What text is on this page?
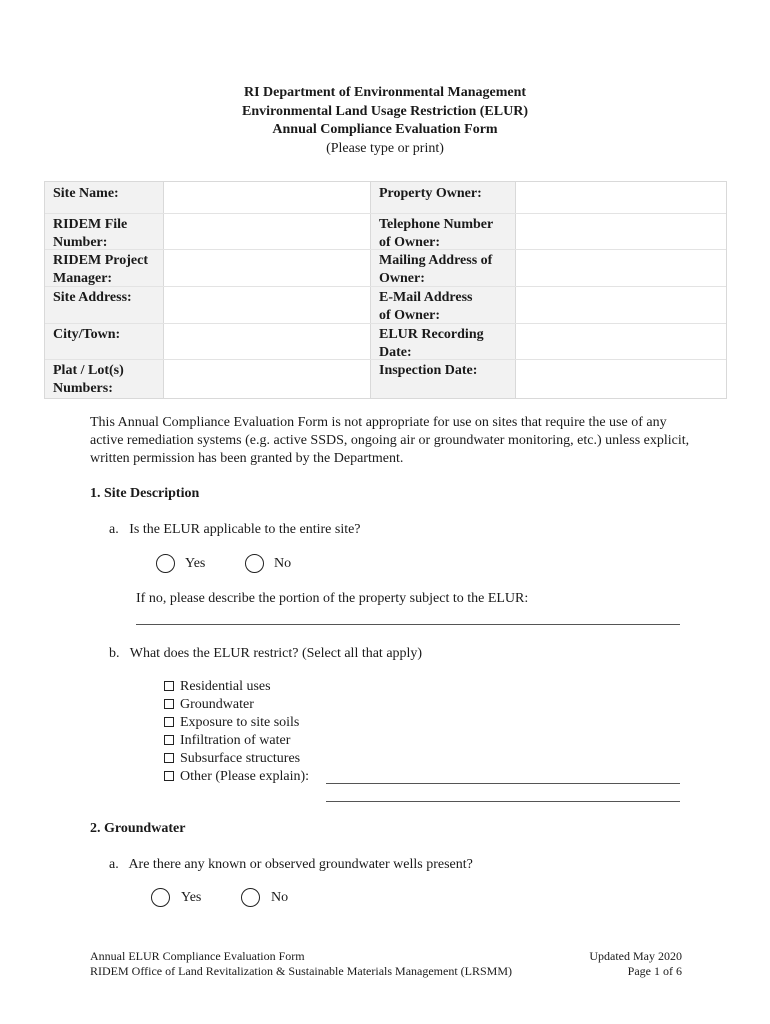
RI Department of Environmental Management
Environmental Land Usage Restriction (ELUR)
Annual Compliance Evaluation Form
(Please type or print)
Site Name:
RIDEM File
Number:
RIDEM Project
Manager:
Site Address:
City/Town:
Plat / Lot(s)
Numbers:
Property Owner:
Telephone Number
of Owner:
Mailing Address of
Owner:
E-Mail Address
of Owner:
ELUR Recording
Date:
Inspection Date:
This Annual Compliance Evaluation Form is not appropriate for use on sites that require the use of any active remediation systems (e.g. active SSDS, ongoing air or groundwater monitoring, etc.) unless explicit, written permission has been granted by the Department.
1. Site Description
a.   Is the ELUR applicable to the entire site?
Yes	No
If no, please describe the portion of the property subject to the ELUR:
b.   What does the ELUR restrict? (Select all that apply)
Residential uses
Groundwater
Exposure to site soils
Infiltration of water
Subsurface structures
Other (Please explain):
2. Groundwater
a.   Are there any known or observed groundwater wells present?
Yes	No
Annual ELUR Compliance Evaluation Form
RIDEM Office of Land Revitalization & Sustainable Materials Management (LRSMM)
Updated May 2020
Page 1 of 6
